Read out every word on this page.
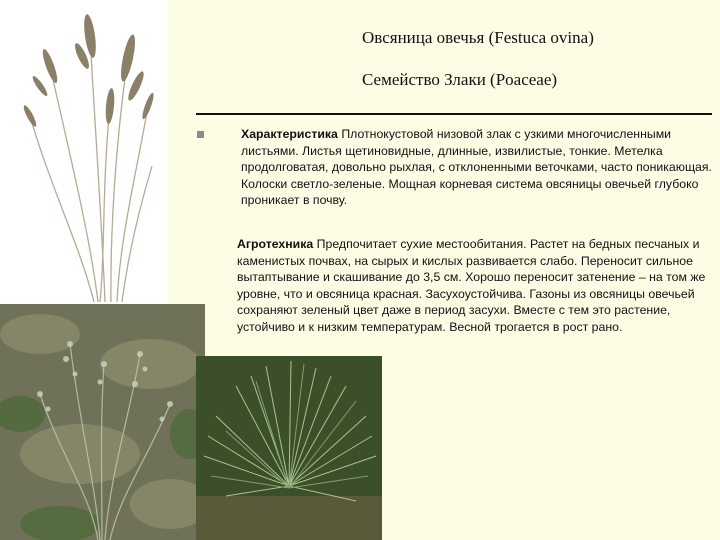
Овсяница овечья (Festuca ovina)
Семейство Злаки (Poaceae)
Характеристика Плотнокустовой низовой злак с узкими многочисленными листьями. Листья щетиновидные, длинные, извилистые, тонкие. Метелка продолговатая, довольно рыхлая, с отклоненными веточками, часто поникающая. Колоски светло-зеленые. Мощная корневая система овсяницы овечьей глубоко проникает в почву.
Агротехника Предпочитает сухие местообитания. Растет на бедных песчаных и каменистых почвах, на сырых и кислых развивается слабо. Переносит сильное вытаптывание и скашивание до 3,5 см. Хорошо переносит затенение – на том же уровне, что и овсяница красная. Засухоустойчива. Газоны из овсяницы овечьей сохраняют зеленый цвет даже в период засухи. Вместе с тем это растение, устойчиво и к низким температурам. Весной трогается в рост рано.
